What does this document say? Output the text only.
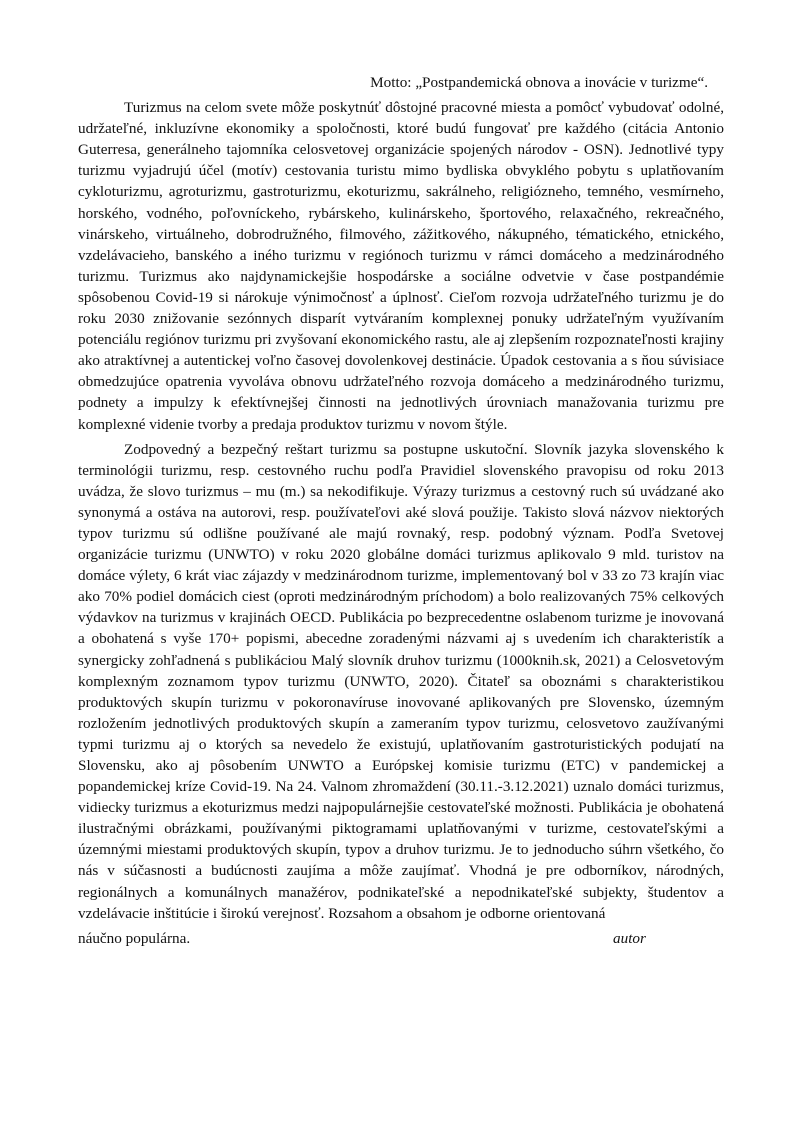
Motto: „Postpandemická obnova a inovácie v turizme“.

Turizmus na celom svete môže poskytnúť dôstojné pracovné miesta a pomôcť vybudovať odolné, udržateľné, inkluzívne ekonomiky a spoločnosti, ktoré budú fungovať pre každého (citácia Antonio Guterresa, generálneho tajomníka celosvetovej organizácie spojených národov - OSN). Jednotlivé typy turizmu vyjadrujú účel (motív) cestovania turistu mimo bydliska obvyklého pobytu s uplatňovaním cykloturizmu, agroturizmu, gastroturizmu, ekoturizmu, sakrálneho, religiózneho, temného, vesmírneho, horského, vodného, poľovníckeho, rybárskeho, kulinárskeho, športového, relaxačného, rekreačného, vinárskeho, virtuálneho, dobrodružného, filmového, zážitkového, nákupného, tématického, etnického, vzdelávacieho, banského a iného turizmu v regiónoch turizmu v rámci domáceho a medzinárodného turizmu. Turizmus ako najdynamickejšie hospodárske a sociálne odvetvie v čase postpandémie spôsobenou Covid-19 si nárokuje výnimočnosť a úplnosť. Cieľom rozvoja udržateľného turizmu je do roku 2030 znižovanie sezónnych disparít vytváraním komplexnej ponuky udržateľným využívaním potenciálu regiónov turizmu pri zvyšovaní ekonomického rastu, ale aj zlepšením rozpoznateľnosti krajiny ako atraktívnej a autentickej voľno časovej dovolenkovej destinácie. Úpadok cestovania a s ňou súvisiace obmedzujúce opatrenia vyvoláva obnovu udržateľného rozvoja domáceho a medzinárodného turizmu, podnety a impulzy k efektívnejšej činnosti na jednotlivých úrovniach manažovania turizmu pre komplexné videnie tvorby a predaja produktov turizmu v novom štýle.

Zodpovedný a bezpečný reštart turizmu sa postupne uskutoční. Slovník jazyka slovenského k terminológii turizmu, resp. cestovného ruchu podľa Pravidiel slovenského pravopisu od roku 2013 uvádza, že slovo turizmus – mu (m.) sa nekodifikuje. Výrazy turizmus a cestovný ruch sú uvádzané ako synonymá a ostáva na autorovi, resp. používateľovi aké slová použije. Takisto slová názvov niektorých typov turizmu sú odlišne používané ale majú rovnaký, resp. podobný význam. Podľa Svetovej organizácie turizmu (UNWTO) v roku 2020 globálne domáci turizmus aplikovalo 9 mld. turistov na domáce výlety, 6 krát viac zájazdy v medzinárodnom turizme, implementovaný bol v 33 zo 73 krajín viac ako 70% podiel domácich ciest (oproti medzinárodným príchodom) a bolo realizovaných 75% celkových výdavkov na turizmus v krajinách OECD. Publikácia po bezprecedentne oslabenom turizme je inovovaná a obohatená s vyše 170+ popismi, abecedne zoradenými názvami aj s uvedením ich charakteristík a synergicky zohľadnená s publikáciou Malý slovník druhov turizmu (1000knih.sk, 2021) a Celosvetovým komplexným zoznamom typov turizmu (UNWTO, 2020). Čitateľ sa oboznámi s charakteristikou produktových skupín turizmu v pokoronavíruse inovované aplikovaných pre Slovensko, územným rozložením jednotlivých produktových skupín a zameraním typov turizmu, celosvetovo zaužívanými typmi turizmu aj o ktorých sa nevedelo že existujú, uplatňovaním gastroturistických podujatí na Slovensku, ako aj pôsobením UNWTO a Európskej komisie turizmu (ETC) v pandemickej a popandemickej krízе Covid-19. Na 24. Valnom zhromaždení (30.11.-3.12.2021) uznalo domáci turizmus, vidiecky turizmus a ekoturizmus medzi najpopulárnejšie cestovateľské možnosti. Publikácia je obohatená ilustračnými obrázkami, používanými piktogramami uplatňovanými v turizme, cestovateľskými a územnými miestami produktových skupín, typov a druhov turizmu. Je to jednoducho súhrn všetkého, čo nás v súčasnosti a budúcnosti zaujíma a môže zaujímať. Vhodná je pre odborníkov, národných, regionálnych a komunálnych manažérov, podnikateľské a nepodnikateľské subjekty, študentov a vzdelávacie inštitúcie i širokú verejnosť. Rozsahom a obsahom je odborne orientovaná

náučno populárna.	autor
